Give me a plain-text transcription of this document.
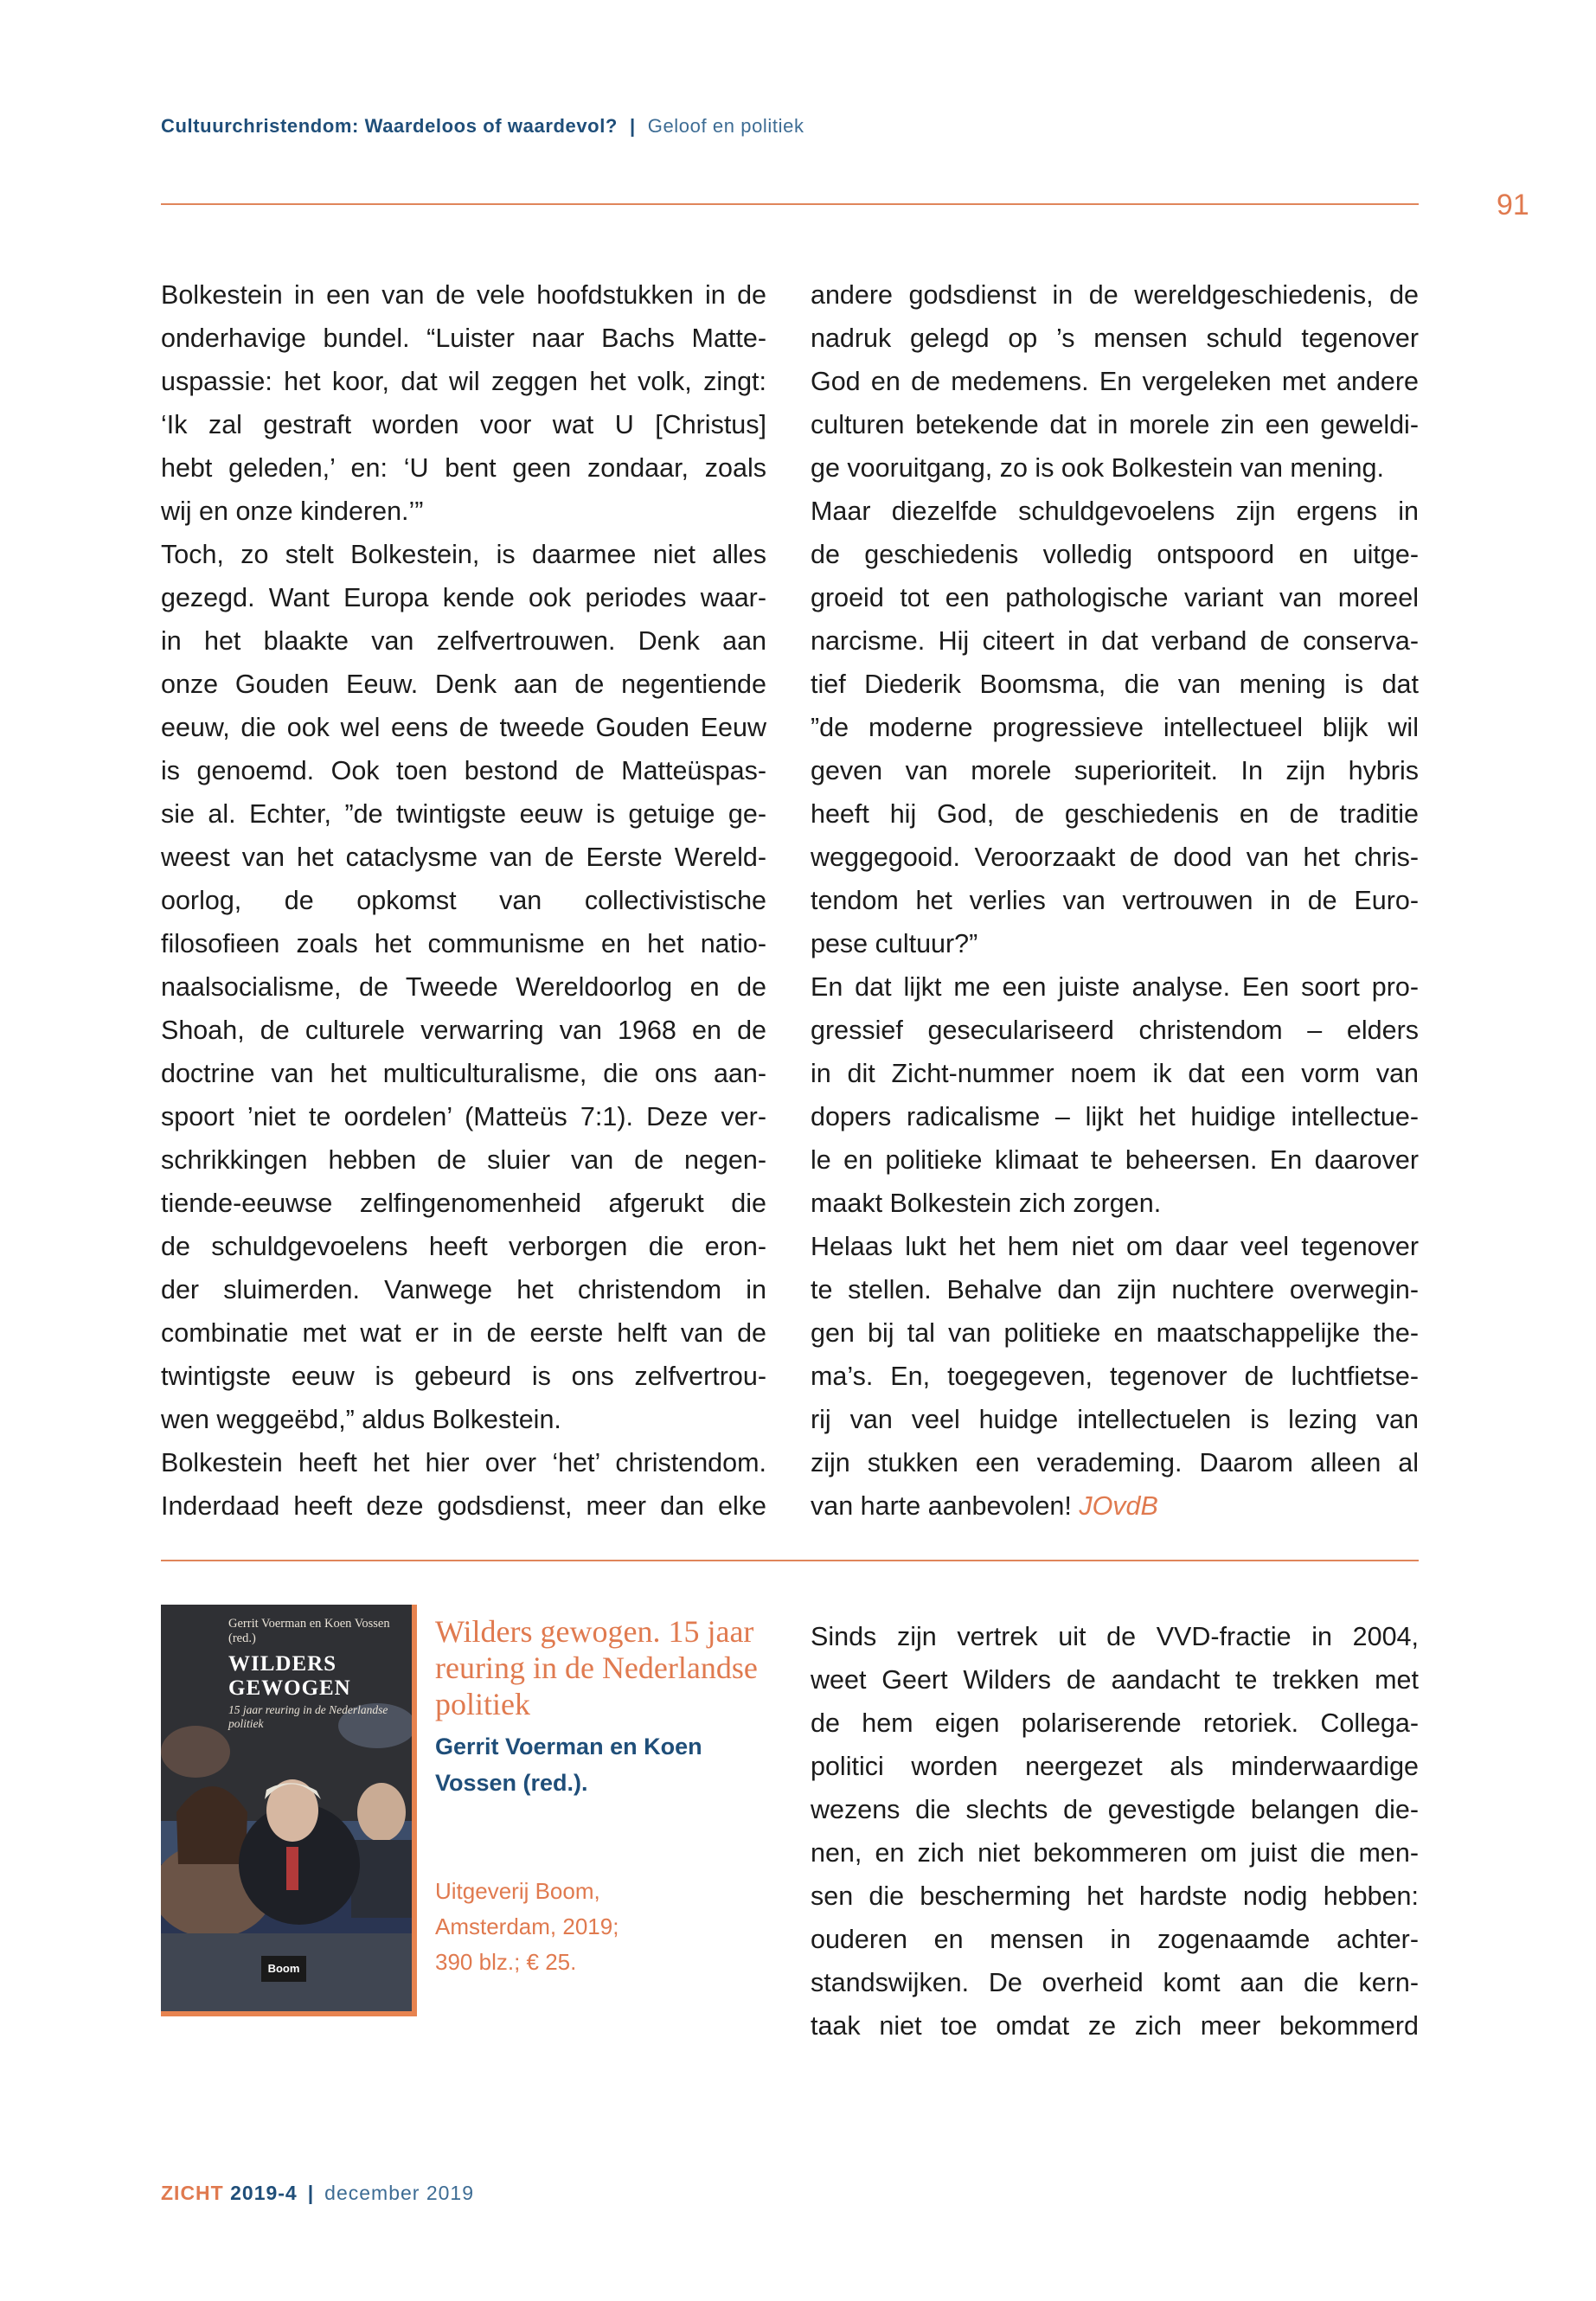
Cultuurchristendom: Waardeloos of waardevol? | Geloof en politiek
91
Bolkestein in een van de vele hoofdstukken in de
onderhavige bundel. “Luister naar Bachs Matte-
uspassie: het koor, dat wil zeggen het volk, zingt:
‘Ik zal gestraft worden voor wat U [Christus]
hebt geleden,’ en: ‘U bent geen zondaar, zoals
wij en onze kinderen.’”
Toch, zo stelt Bolkestein, is daarmee niet alles
gezegd. Want Europa kende ook periodes waar-
in het blaakte van zelfvertrouwen. Denk aan
onze Gouden Eeuw. Denk aan de negentiende
eeuw, die ook wel eens de tweede Gouden Eeuw
is genoemd. Ook toen bestond de Matteüspas-
sie al. Echter, ”de twintigste eeuw is getuige ge-
weest van het cataclysme van de Eerste Wereld-
oorlog, de opkomst van collectivistische
filosofieen zoals het communisme en het natio-
naalsocialisme, de Tweede Wereldoorlog en de
Shoah, de culturele verwarring van 1968 en de
doctrine van het multiculturalisme, die ons aan-
spoort ’niet te oordelen’ (Matteüs 7:1). Deze ver-
schrikkingen hebben de sluier van de negen-
tiende-eeuwse zelfingenomenheid afgerukt die
de schuldgevoelens heeft verborgen die eron-
der sluimerden. Vanwege het christendom in
combinatie met wat er in de eerste helft van de
twintigste eeuw is gebeurd is ons zelfvertrou-
wen weggeëbd,” aldus Bolkestein.
Bolkestein heeft het hier over ‘het’ christendom.
Inderdaad heeft deze godsdienst, meer dan elke
andere godsdienst in de wereldgeschiedenis, de
nadruk gelegd op ’s mensen schuld tegenover
God en de medemens. En vergeleken met andere
culturen betekende dat in morele zin een geweldi-
ge vooruitgang, zo is ook Bolkestein van mening.
Maar diezelfde schuldgevoelens zijn ergens in
de geschiedenis volledig ontspoord en uitge-
groeid tot een pathologische variant van moreel
narcisme. Hij citeert in dat verband de conserva-
tief Diederik Boomsma, die van mening is dat
”de moderne progressieve intellectueel blijk wil
geven van morele superioriteit. In zijn hybris
heeft hij God, de geschiedenis en de traditie
weggegooid. Veroorzaakt de dood van het chris-
tendom het verlies van vertrouwen in de Euro-
pese cultuur?”
En dat lijkt me een juiste analyse. Een soort pro-
gressief geseculariseerd christendom – elders
in dit Zicht-nummer noem ik dat een vorm van
dopers radicalisme – lijkt het huidige intellectue-
le en politieke klimaat te beheersen. En daarover
maakt Bolkestein zich zorgen.
Helaas lukt het hem niet om daar veel tegenover
te stellen. Behalve dan zijn nuchtere overwegin-
gen bij tal van politieke en maatschappelijke the-
ma’s. En, toegegeven, tegenover de luchtfietse-
rij van veel huidge intellectuelen is lezing van
zijn stukken een verademing. Daarom alleen al
van harte aanbevolen! JOvdB
Gerrit Voerman en Koen Vossen (red.)
WILDERS
GEWOGEN
15 jaar reuring in de Nederlandse politiek
Boom
Wilders gewogen. 15 jaar reuring in de Nederlandse politiek
Gerrit Voerman en Koen Vossen (red.).
Uitgeverij Boom,
Amsterdam, 2019;
390 blz.; € 25.
Sinds zijn vertrek uit de VVD-fractie in 2004,
weet Geert Wilders de aandacht te trekken met
de hem eigen polariserende retoriek. Collega-
politici worden neergezet als minderwaardige
wezens die slechts de gevestigde belangen die-
nen, en zich niet bekommeren om juist die men-
sen die bescherming het hardste nodig hebben:
ouderen en mensen in zogenaamde achter-
standswijken. De overheid komt aan die kern-
taak niet toe omdat ze zich meer bekommerd
ZICHT 2019-4 | december 2019
